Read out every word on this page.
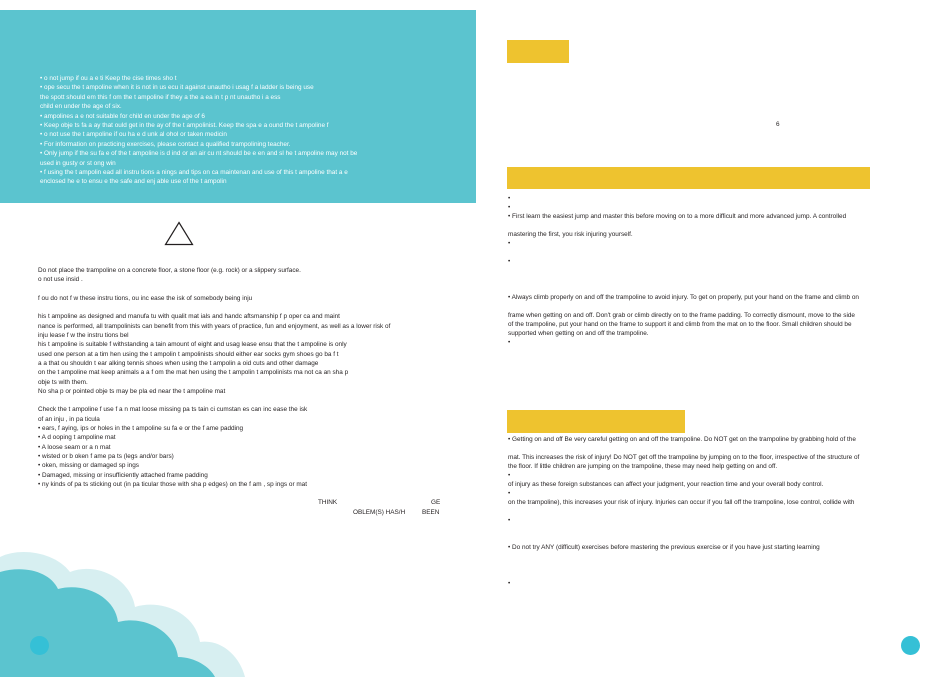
• o not jump if ou a e ti Keep the cise times sho t
• ope secu the t ampoline when it is not in us ecu it against unautho i usag f a ladder is being use
the spott should em this f om the t ampoline if they a the a ea in t p nt unautho i a ess
child en under the age of six.
• ampolines a e not suitable for child en under the age of 6
• Keep obje ts fa a ay that ould get in the ay of the t ampolinist. Keep the spa e a ound the t ampoline f
• o not use the t ampoline if ou ha e d unk al ohol or taken medicin
• For information on practicing exercises, please contact a qualified trampolining teacher.
• Only jump if the su fa e of the t ampoline is d ind or an air cu nt should be e en and sl he t ampoline may not be
used in gusty or st ong win
• f using the t ampolin ead all instru tions a nings and tips on ca maintenan and use of this t ampoline that a e
enclosed he e to ensu e the safe and enj able use of the t ampolin
Do not place the trampoline on a concrete floor, a stone floor (e.g. rock) or a slippery surface.
o not use insid .

f ou do not f w these instru tions, ou inc ease the isk of somebody being inju

his t ampoline as designed and manufa tu with qualit mat ials and handc aftsmanship f p oper ca and maint
nance is performed, all trampolinists can benefit from this with years of practice, fun and enjoyment, as well as a lower risk of
inju lease f w the instru tions bel
his t ampoline is suitable f withstanding a tain amount of eight and usag lease ensu that the t ampoline is only
used one person at a tim hen using the t ampolin t ampolinists should either ear socks gym shoes go ba f t
a a that ou shouldn t ear alking tennis shoes when using the t ampolin a oid cuts and other damage
on the t ampoline mat keep animals a a f om the mat hen using the t ampolin t ampolinists ma not ca an sha p
obje ts with them.
No sha p or pointed obje ts may be pla ed near the t ampoline mat

Check the t ampoline f use f a n mat loose missing pa ts tain ci cumstan es can inc ease the isk
of an inju , in pa ticula
• ears, f aying, ips or holes in the t ampoline su fa e or the f ame padding
• A d ooping t ampoline mat
• A loose seam or a n mat
• wisted or b oken f ame pa ts (legs and/or bars)
• oken, missing or damaged sp ings
• Damaged, missing or insufficiently attached frame padding
• ny kinds of pa ts sticking out (in pa ticular those with sha p edges) on the f am , sp ings or mat
THINK	GE
OBLEM(S) HAS/H	BEEN
6
•
•
• First learn the easiest jump and master this before moving on to a more difficult and more advanced jump. A controlled

mastering the first, you risk injuring yourself.
•

•

• Always climb properly on and off the trampoline to avoid injury. To get on properly, put your hand on the frame and climb on

frame when getting on and off. Don't grab or climb directly on to the frame padding. To correctly dismount, move to the side
of the trampoline, put your hand on the frame to support it and climb from the mat on to the floor. Small children should be
supported when getting on and off the trampoline.
•
• Getting on and off Be very careful getting on and off the trampoline. Do NOT get on the trampoline by grabbing hold of the

mat. This increases the risk of injury! Do NOT get off the trampoline by jumping on to the floor, irrespective of the structure of
the floor. If little children are jumping on the trampoline, these may need help getting on and off.
•
of injury as these foreign substances can affect your judgment, your reaction time and your overall body control.
•
on the trampoline), this increases your risk of injury. Injuries can occur if you fall off the trampoline, lose control, collide with

•

• Do not try ANY (difficult) exercises before mastering the previous exercise or if you have just starting learning

•
